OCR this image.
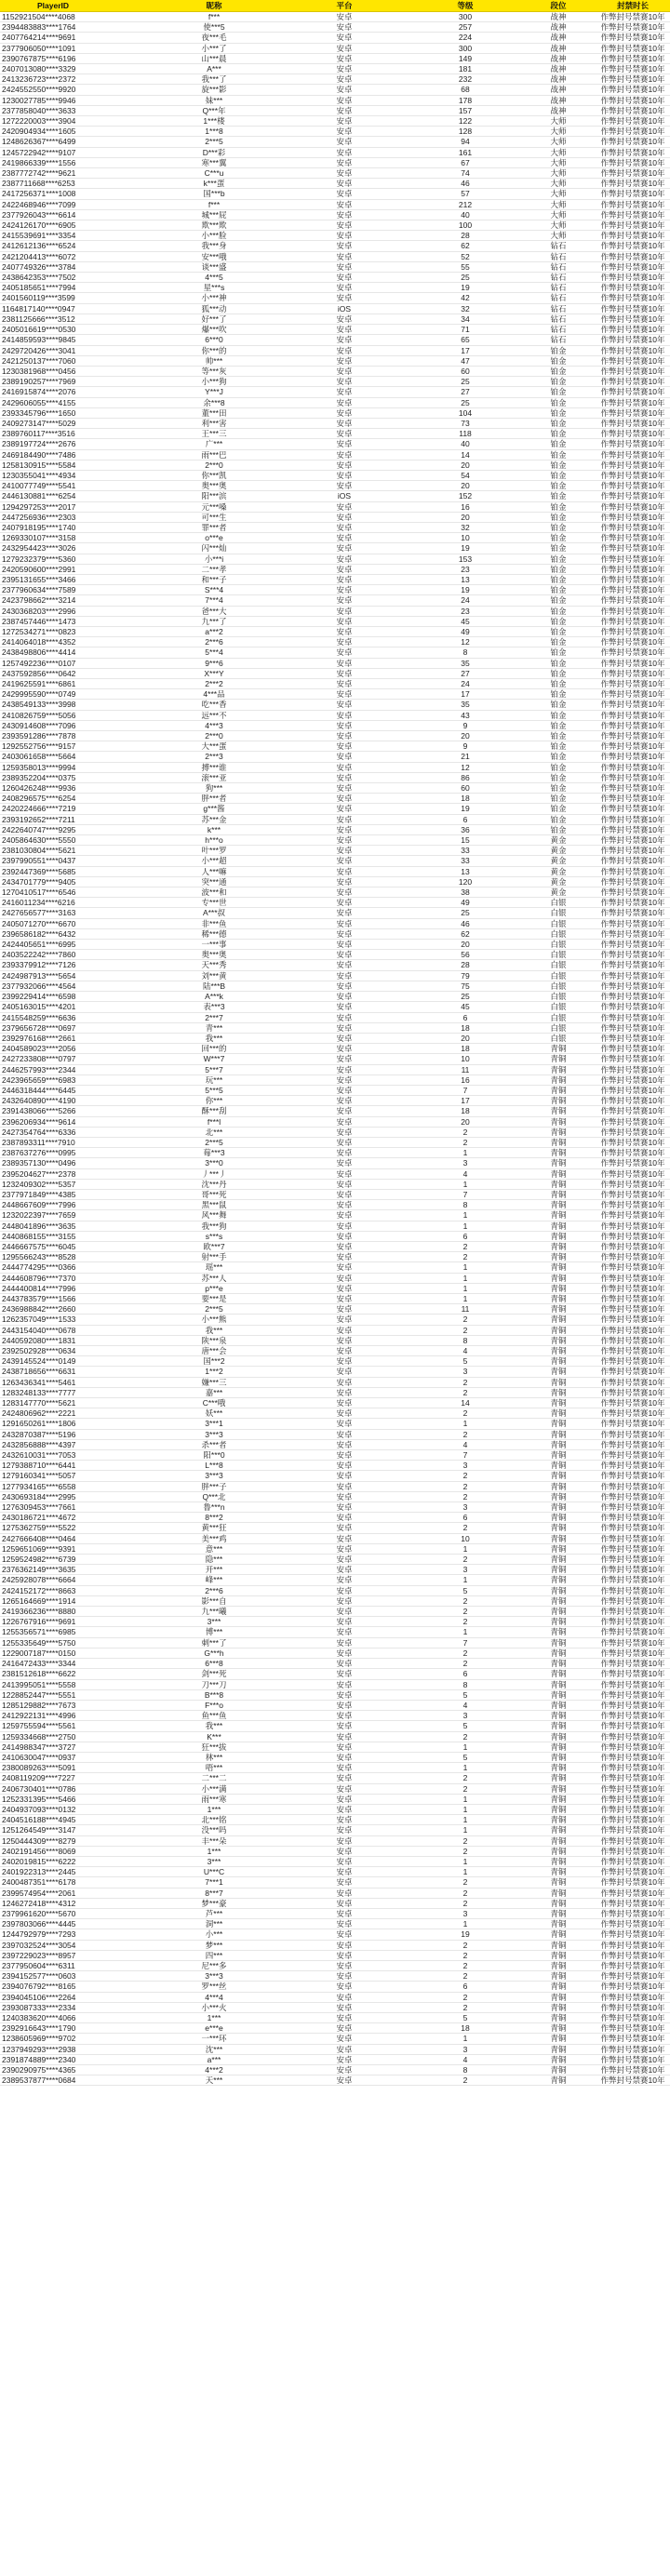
PlayerID	昵称	平台	等级	段位	封禁时长
1152921504****4068	f***	安卓	300	战神	作弊封号禁赛10年
2394483883****1764	使***5	安卓	257	战神	作弊封号禁赛10年
2407764214****9691	夜***毛	安卓	224	战神	作弊封号禁赛10年
2377906050****1091	小***了	安卓	300	战神	作弊封号禁赛10年
2390767875****6196	山***晨	安卓	149	战神	作弊封号禁赛10年
2407013080****3329	A***	安卓	181	战神	作弊封号禁赛10年
2413236723****2372	我***了	安卓	232	战神	作弊封号禁赛10年
2424552550****9920	旋***影	安卓	68	战神	作弊封号禁赛10年
1230027785****9946	妹***	安卓	178	战神	作弊封号禁赛10年
2377858040****3633	Q***年	安卓	157	战神	作弊封号禁赛10年
1272220003****3904	1***楼	安卓	122	大师	作弊封号禁赛10年
2420904934****1605	1***8	安卓	128	大师	作弊封号禁赛10年
1248626367****6499	2***5	安卓	94	大师	作弊封号禁赛10年
1245722942****9107	D***彩	安卓	161	大师	作弊封号禁赛10年
2419866339****1556	寒***翼	安卓	67	大师	作弊封号禁赛10年
2387772742****9621	C***u	安卓	74	大师	作弊封号禁赛10年
2387711668****6253	k***蛋	安卓	46	大师	作弊封号禁赛10年
2417256371****1008	国***b	安卓	57	大师	作弊封号禁赛10年
2422468946****7099	f***	安卓	212	大师	作弊封号禁赛10年
2377926043****6614	城***屁	安卓	40	大师	作弊封号禁赛10年
2424126170****6905	欺***欺	安卓	100	大师	作弊封号禁赛10年
2415539691****3354	小***脸	安卓	28	大师	作弊封号禁赛10年
2412612136****6524	我***身	安卓	62	钻石	作弊封号禁赛10年
2421204413****6072	安***哦	安卓	52	钻石	作弊封号禁赛10年
2407749326****3784	谈***盛	安卓	55	钻石	作弊封号禁赛10年
2438642353****7502	4***5	安卓	25	钻石	作弊封号禁赛10年
2405185651****7994	星***s	安卓	19	钻石	作弊封号禁赛10年
2401560119****3599	小***神	安卓	42	钻石	作弊封号禁赛10年
1164817140****0947	狐***动	iOS	32	钻石	作弊封号禁赛10年
2381125666****3512	好***了	安卓	34	钻石	作弊封号禁赛10年
2405016619****0530	爆***吹	安卓	71	钻石	作弊封号禁赛10年
2414859593****9845	6***0	安卓	65	钻石	作弊封号禁赛10年
2429720426****3041	你***的	安卓	17	铂金	作弊封号禁赛10年
2421250137****7060	帅***	安卓	47	铂金	作弊封号禁赛10年
1230381968****0456	等***灰	安卓	60	铂金	作弊封号禁赛10年
2389190257****7969	小***狗	安卓	25	铂金	作弊封号禁赛10年
2416915874****2076	Y***J	安卓	27	铂金	作弊封号禁赛10年
2429606055****4155	余***8	安卓	25	铂金	作弊封号禁赛10年
2393345796****1650	董***田	安卓	104	铂金	作弊封号禁赛10年
2409273147****5029	利***害	安卓	73	铂金	作弊封号禁赛10年
2389760117****3516	王***三	安卓	118	铂金	作弊封号禁赛10年
2389197724****2676	广***	安卓	40	铂金	作弊封号禁赛10年
2469184490****7486	雨***巴	安卓	14	铂金	作弊封号禁赛10年
1258130915****5584	2***0	安卓	20	铂金	作弊封号禁赛10年
1230355041****4934	你***凯	安卓	54	铂金	作弊封号禁赛10年
2410077749****5541	奥***奥	安卓	20	铂金	作弊封号禁赛10年
2446130881****6254	阳***滨	iOS	152	铂金	作弊封号禁赛10年
1294297253****2017	元***嗓	安卓	16	铂金	作弊封号禁赛10年
2447256936****2303	可***生	安卓	20	铂金	作弊封号禁赛10年
2407918195****1740	罪***者	安卓	32	铂金	作弊封号禁赛10年
1269330107****3158	o***e	安卓	10	铂金	作弊封号禁赛10年
2432954423****3026	闪***灿	安卓	19	铂金	作弊封号禁赛10年
1279232379****5360	小***i	安卓	153	铂金	作弊封号禁赛10年
2420590600****2991	二***孝	安卓	23	铂金	作弊封号禁赛10年
2395131655****3466	和***子	安卓	13	铂金	作弊封号禁赛10年
2377960634****7589	S***4	安卓	19	铂金	作弊封号禁赛10年
2423798662****3214	7***4	安卓	24	铂金	作弊封号禁赛10年
2430368203****2996	爸***大	安卓	23	铂金	作弊封号禁赛10年
2387457446****1473	九***了	安卓	45	铂金	作弊封号禁赛10年
1272534271****0823	a***2	安卓	49	铂金	作弊封号禁赛10年
2414064018****4352	2***6	安卓	12	铂金	作弊封号禁赛10年
2438498806****4414	5***4	安卓	8	铂金	作弊封号禁赛10年
1257492236****0107	9***6	安卓	35	铂金	作弊封号禁赛10年
2437592856****0642	X***Y	安卓	27	铂金	作弊封号禁赛10年
2419625591****6861	2***2	安卓	24	铂金	作弊封号禁赛10年
2429995590****0749	4***品	安卓	17	铂金	作弊封号禁赛10年
2438549133****3998	吃***香	安卓	35	铂金	作弊封号禁赛10年
2410826759****5056	远***不	安卓	43	铂金	作弊封号禁赛10年
2430914608****7096	4***3	安卓	9	铂金	作弊封号禁赛10年
2393591286****7878	2***0	安卓	20	铂金	作弊封号禁赛10年
1292552756****9157	大***蛋	安卓	9	铂金	作弊封号禁赛10年
2403061658****5664	2***3	安卓	21	铂金	作弊封号禁赛10年
1259358013****9994	搏***谁	安卓	12	铂金	作弊封号禁赛10年
2389352204****0375	滚***亚	安卓	86	铂金	作弊封号禁赛10年
1260426248****9936	狗***	安卓	60	铂金	作弊封号禁赛10年
2408296575****6254	胖***者	安卓	18	铂金	作弊封号禁赛10年
2420224666****7219	g***酱	安卓	19	铂金	作弊封号禁赛10年
2393192652****7211	苏***金	安卓	6	铂金	作弊封号禁赛10年
2422640747****9295	k***	安卓	36	铂金	作弊封号禁赛10年
2405864630****5550	h***o	安卓	15	黄金	作弊封号禁赛10年
2381030804****5621	叶***罗	安卓	33	黄金	作弊封号禁赛10年
2397990551****0437	小***超	安卓	33	黄金	作弊封号禁赛10年
2392447369****5685	人***嘛	安卓	13	黄金	作弊封号禁赛10年
2434701779****9405	突***通	安卓	120	黄金	作弊封号禁赛10年
1270410517****6546	波***和	安卓	38	黄金	作弊封号禁赛10年
2416011234****6216	专***世	安卓	49	白银	作弊封号禁赛10年
2427656577****3163	A***叔	安卓	25	白银	作弊封号禁赛10年
2405071270****6670	非***鱼	安卓	46	白银	作弊封号禁赛10年
2396586182****6432	稀***德	安卓	62	白银	作弊封号禁赛10年
2424405651****6995	一***事	安卓	20	白银	作弊封号禁赛10年
2403522242****7860	奥***奥	安卓	56	白银	作弊封号禁赛10年
2393379912****7126	天***秀	安卓	28	白银	作弊封号禁赛10年
2424987913****5654	刘***黄	安卓	79	白银	作弊封号禁赛10年
2377932066****4564	陆***B	安卓	75	白银	作弊封号禁赛10年
2399229414****6598	A***k	安卓	25	白银	作弊封号禁赛10年
2405163015****4201	表***3	安卓	45	白银	作弊封号禁赛10年
2415548259****6636	2***7	安卓	6	白银	作弊封号禁赛10年
2379656728****0697	青***	安卓	18	白银	作弊封号禁赛10年
2392976168****2661	我***	安卓	20	白银	作弊封号禁赛10年
2404589023****2056	回***的	安卓	18	青铜	作弊封号禁赛10年
2427233808****0797	W***7	安卓	10	青铜	作弊封号禁赛10年
2446257993****2344	5***7	安卓	11	青铜	作弊封号禁赛10年
2423965659****6983	玩***	安卓	16	青铜	作弊封号禁赛10年
2446318444****6445	5***5	安卓	7	青铜	作弊封号禁赛10年
2432640890****4190	你***	安卓	17	青铜	作弊封号禁赛10年
2391438066****5266	酥***刮	安卓	18	青铜	作弊封号禁赛10年
2396206934****9614	f***l	安卓	20	青铜	作弊封号禁赛10年
2427354764****6336	北***	安卓	2	青铜	作弊封号禁赛10年
2387893311****7910	2***5	安卓	2	青铜	作弊封号禁赛10年
2387637276****0995	莓***3	安卓	1	青铜	作弊封号禁赛10年
2389357130****0496	3***0	安卓	3	青铜	作弊封号禁赛10年
2395204627****2378	丿***丿	安卓	4	青铜	作弊封号禁赛10年
1232409302****5357	沈***丹	安卓	1	青铜	作弊封号禁赛10年
2377971849****4385	哥***死	安卓	7	青铜	作弊封号禁赛10年
2448667609****7996	黑***鼠	安卓	8	青铜	作弊封号禁赛10年
1232022397****7659	风***舞	安卓	1	青铜	作弊封号禁赛10年
2448041896****3635	我***狗	安卓	1	青铜	作弊封号禁赛10年
2440868155****3155	s***s	安卓	6	青铜	作弊封号禁赛10年
2446667575****6045	欧***7	安卓	2	青铜	作弊封号禁赛10年
1295566243****8528	射***手	安卓	2	青铜	作弊封号禁赛10年
2444774295****0366	瑶***	安卓	1	青铜	作弊封号禁赛10年
2444608796****7370	苏***人	安卓	1	青铜	作弊封号禁赛10年
2444400814****7996	p***e	安卓	1	青铜	作弊封号禁赛10年
2443783579****1566	要***是	安卓	1	青铜	作弊封号禁赛10年
2436988842****2660	2***5	安卓	11	青铜	作弊封号禁赛10年
1262357049****1533	小***熊	安卓	2	青铜	作弊封号禁赛10年
2443154040****0678	我***	安卓	2	青铜	作弊封号禁赛10年
2440592080****1831	陕***泉	安卓	8	青铜	作弊封号禁赛10年
2392502928****0634	唐***会	安卓	4	青铜	作弊封号禁赛10年
2439145524****0149	国***2	安卓	5	青铜	作弊封号禁赛10年
2438718656****6631	1***2	安卓	3	青铜	作弊封号禁赛10年
1263436341****5461	嫌***三	安卓	2	青铜	作弊封号禁赛10年
1283248133****7777	嘉***	安卓	2	青铜	作弊封号禁赛10年
1283147770****5621	C***哦	安卓	14	青铜	作弊封号禁赛10年
2424806962****2221	妖***	安卓	2	青铜	作弊封号禁赛10年
1291650261****1806	3***1	安卓	1	青铜	作弊封号禁赛10年
2432870387****5196	3***3	安卓	2	青铜	作弊封号禁赛10年
2432856888****4397	杀***者	安卓	4	青铜	作弊封号禁赛10年
2432610031****7053	阳***0	安卓	7	青铜	作弊封号禁赛10年
1279388710****6441	L***8	安卓	3	青铜	作弊封号禁赛10年
1279160341****5057	3***3	安卓	2	青铜	作弊封号禁赛10年
1277934165****6558	胖***子	安卓	2	青铜	作弊封号禁赛10年
2430693184****2995	Q***北	安卓	2	青铜	作弊封号禁赛10年
1276309453****7661	鲁***n	安卓	3	青铜	作弊封号禁赛10年
2430186721****4672	8***2	安卓	6	青铜	作弊封号禁赛10年
1275362759****5522	黄***狂	安卓	2	青铜	作弊封号禁赛10年
2427666408****0464	美***鸡	安卓	10	青铜	作弊封号禁赛10年
1259651069****9391	意***	安卓	1	青铜	作弊封号禁赛10年
1259524982****6739	隐***	安卓	2	青铜	作弊封号禁赛10年
2376362149****3635	开***	安卓	3	青铜	作弊封号禁赛10年
2425928078****6664	峰***	安卓	1	青铜	作弊封号禁赛10年
2424152172****8663	2***6	安卓	5	青铜	作弊封号禁赛10年
1265164669****1914	影***自	安卓	2	青铜	作弊封号禁赛10年
2419366236****8880	九***曦	安卓	2	青铜	作弊封号禁赛10年
1226767916****9691	3***	安卓	2	青铜	作弊封号禁赛10年
1255356571****6985	博***	安卓	1	青铜	作弊封号禁赛10年
1255335649****5750	刺***了	安卓	7	青铜	作弊封号禁赛10年
1229007187****0150	G***h	安卓	2	青铜	作弊封号禁赛10年
2416472433****3344	6***8	安卓	2	青铜	作弊封号禁赛10年
2381512618****6622	剑***死	安卓	6	青铜	作弊封号禁赛10年
2413995051****5558	刀***刀	安卓	8	青铜	作弊封号禁赛10年
1228852447****5551	B***8	安卓	5	青铜	作弊封号禁赛10年
1285129882****7673	F***o	安卓	4	青铜	作弊封号禁赛10年
2412922131****4996	鱼***鱼	安卓	3	青铜	作弊封号禁赛10年
1259755594****5561	我***	安卓	5	青铜	作弊封号禁赛10年
1259334668****2750	K***	安卓	2	青铜	作弊封号禁赛10年
2414988347****3727	狂***拔	安卓	1	青铜	作弊封号禁赛10年
2410630047****0937	林***	安卓	5	青铜	作弊封号禁赛10年
2380089263****5091	唔***	安卓	1	青铜	作弊封号禁赛10年
2408119209****7227	二***二	安卓	2	青铜	作弊封号禁赛10年
2406730401****0786	小***满	安卓	2	青铜	作弊封号禁赛10年
1252331395****5466	雨***寒	安卓	1	青铜	作弊封号禁赛10年
2404937093****0132	1***	安卓	1	青铜	作弊封号禁赛10年
2404516188****4945	北***铭	安卓	1	青铜	作弊封号禁赛10年
1251264549****3147	没***吗	安卓	1	青铜	作弊封号禁赛10年
1250444309****8279	丰***朵	安卓	2	青铜	作弊封号禁赛10年
2402191456****8069	1***	安卓	2	青铜	作弊封号禁赛10年
2402019815****6222	3***	安卓	1	青铜	作弊封号禁赛10年
2401922313****2445	U***C	安卓	1	青铜	作弊封号禁赛10年
2400487351****6178	7***1	安卓	2	青铜	作弊封号禁赛10年
2399574954****2061	8***7	安卓	2	青铜	作弊封号禁赛10年
1246272418****4312	梦***豪	安卓	2	青铜	作弊封号禁赛10年
2379961620****5670	芦***	安卓	3	青铜	作弊封号禁赛10年
2397803066****4445	洞***	安卓	1	青铜	作弊封号禁赛10年
1244792979****7293	小***	安卓	19	青铜	作弊封号禁赛10年
2397032524****3054	梦***	安卓	2	青铜	作弊封号禁赛10年
2397229023****8957	四***	安卓	2	青铜	作弊封号禁赛10年
2377950604****6311	尼***多	安卓	2	青铜	作弊封号禁赛10年
2394152577****0603	3***3	安卓	2	青铜	作弊封号禁赛10年
2394076792****8165	罗***丝	安卓	6	青铜	作弊封号禁赛10年
2394045106****2264	4***4	安卓	2	青铜	作弊封号禁赛10年
2393087333****2334	小***火	安卓	2	青铜	作弊封号禁赛10年
1240383620****4066	1***	安卓	5	青铜	作弊封号禁赛10年
2392916643****1790	e***e	安卓	18	青铜	作弊封号禁赛10年
1238605969****9702	一***环	安卓	1	青铜	作弊封号禁赛10年
1237949293****2938	沈***	安卓	3	青铜	作弊封号禁赛10年
2391874889****2340	a***	安卓	4	青铜	作弊封号禁赛10年
2390290975****4365	4***2	安卓	8	青铜	作弊封号禁赛10年
2389537877****0684	天***	安卓	2	青铜	作弊封号禁赛10年
